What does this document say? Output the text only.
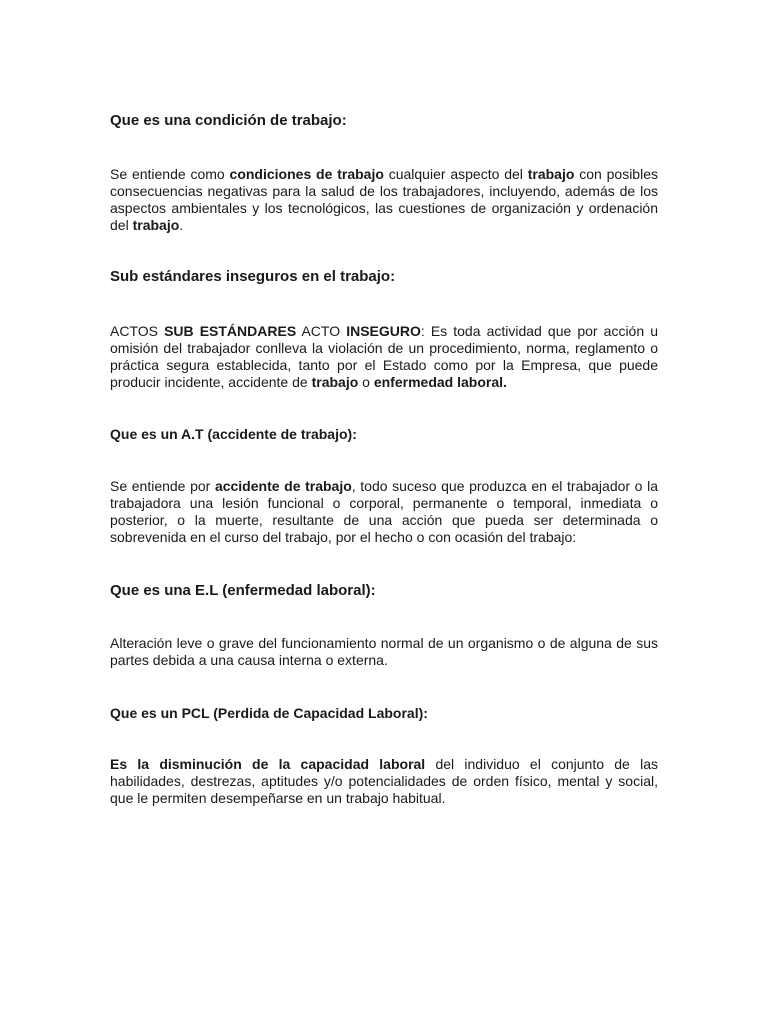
Que es una condición de trabajo:

Se entiende como condiciones de trabajo cualquier aspecto del trabajo con posibles consecuencias negativas para la salud de los trabajadores, incluyendo, además de los aspectos ambientales y los tecnológicos, las cuestiones de organización y ordenación del trabajo.

Sub estándares inseguros en el trabajo:

ACTOS SUB ESTÁNDARES ACTO INSEGURO: Es toda actividad que por acción u omisión del trabajador conlleva la violación de un procedimiento, norma, reglamento o práctica segura establecida, tanto por el Estado como por la Empresa, que puede producir incidente, accidente de trabajo o enfermedad laboral.

Que es un A.T (accidente de trabajo):

Se entiende por accidente de trabajo, todo suceso que produzca en el trabajador o la trabajadora una lesión funcional o corporal, permanente o temporal, inmediata o posterior, o la muerte, resultante de una acción que pueda ser determinada o sobrevenida en el curso del trabajo, por el hecho o con ocasión del trabajo:

Que es una E.L (enfermedad laboral):

Alteración leve o grave del funcionamiento normal de un organismo o de alguna de sus partes debida a una causa interna o externa.

Que es un PCL (Perdida de Capacidad Laboral):

Es la disminución de la capacidad laboral del individuo el conjunto de las habilidades, destrezas, aptitudes y/o potencialidades de orden físico, mental y social, que le permiten desempeñarse en un trabajo habitual.
